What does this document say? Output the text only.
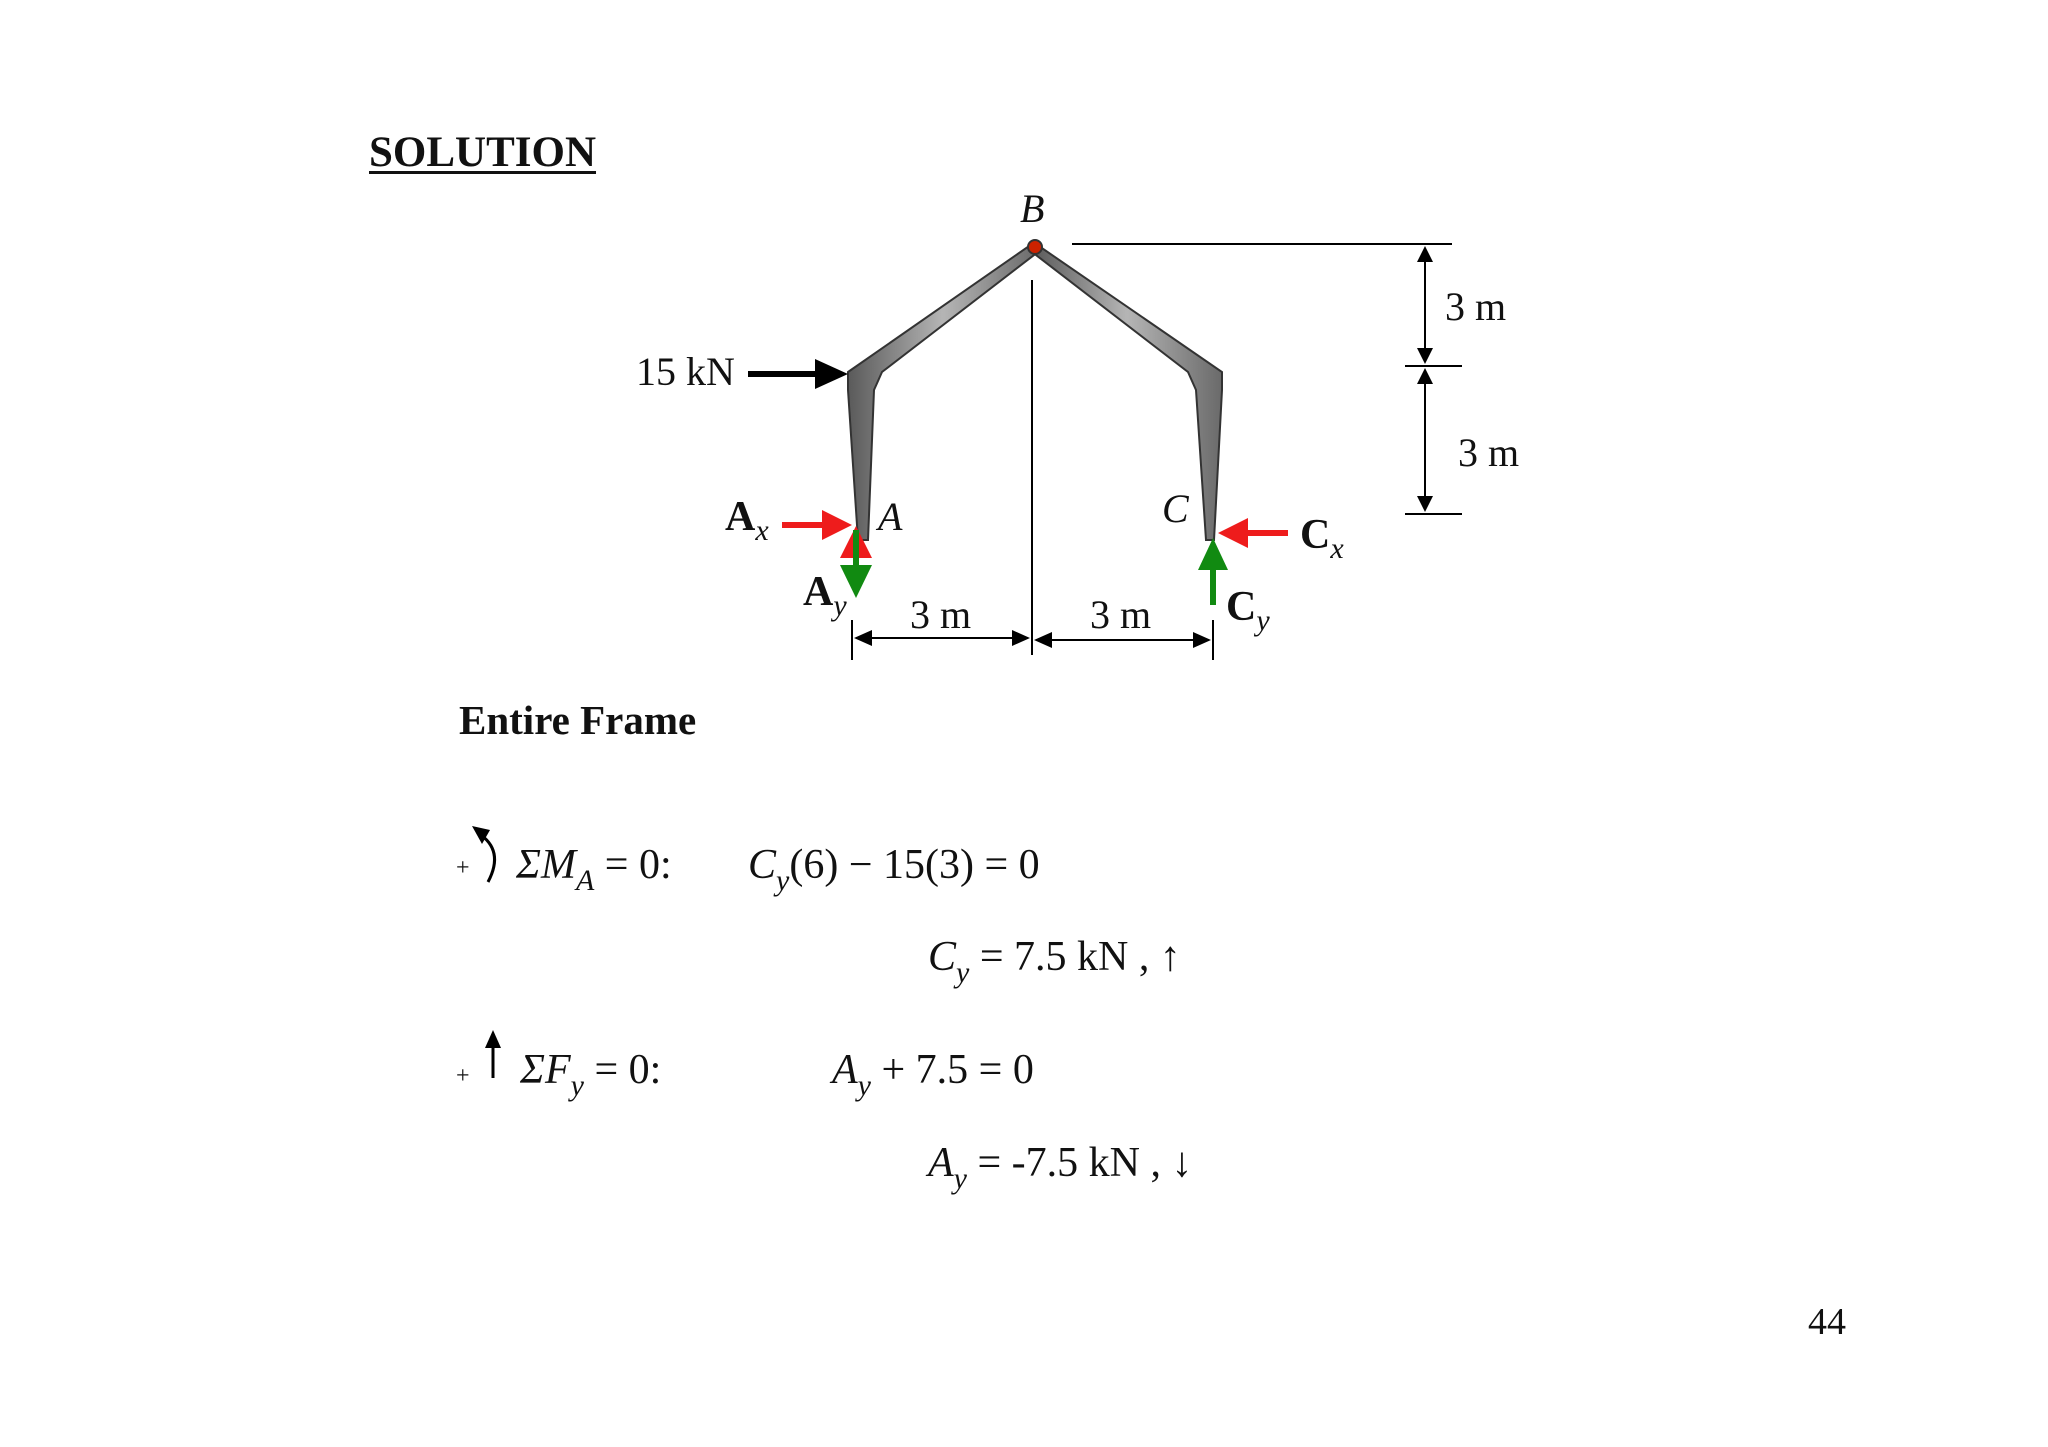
SOLUTION
B
A	C
15 kN
$A_x$
$A_y$
$C_x$
$C_y$
3 m	3 m
3 m
3 m
+ $\Sigma M_A = 0$: $C_y(6) - 15(3) = 0$
$C_y = 7.5$ kN , ↑
+ $\Sigma F_y = 0$:	$A_y + 7.5 = 0$
$A_y = -7.5$ kN , ↓
Entire Frame
44
